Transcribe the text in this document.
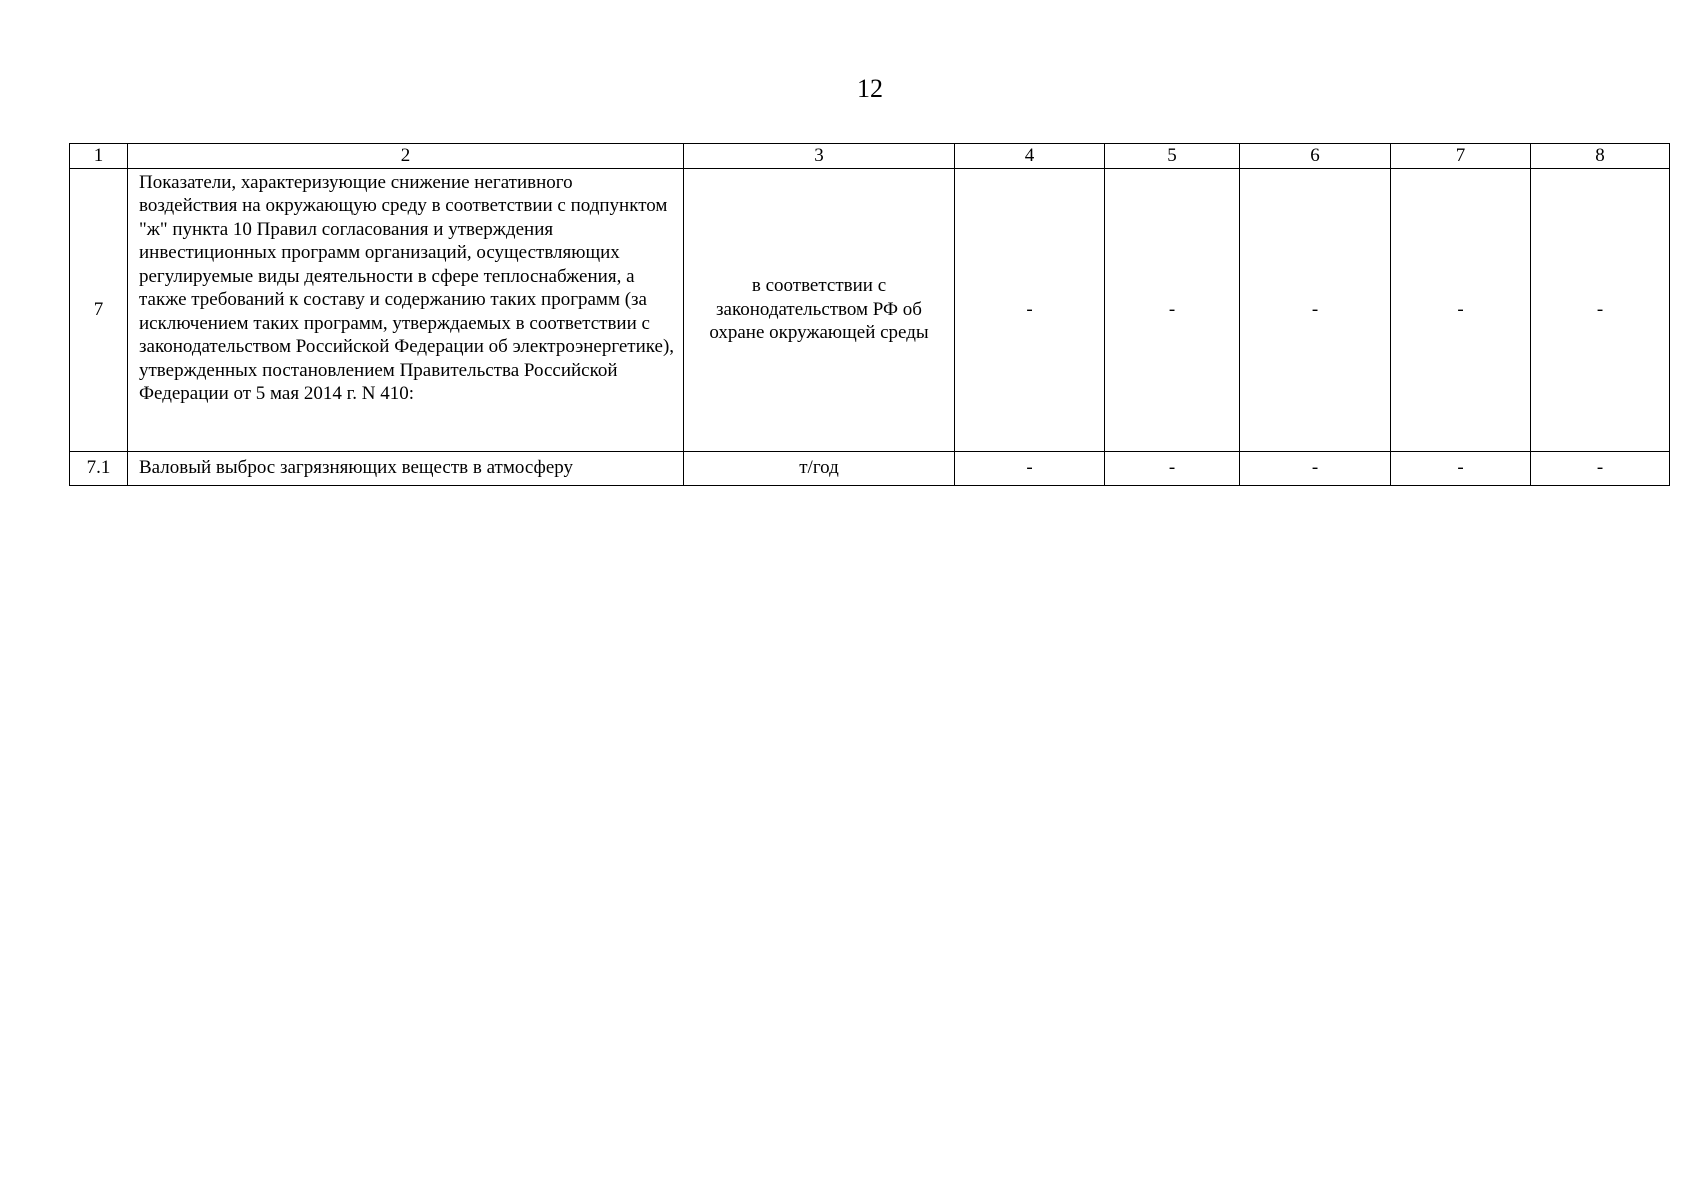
12
1	2	3	4	5	6	7	8
7	Показатели, характеризующие снижение негативного воздействия на окружающую среду в соответствии с подпунктом "ж" пункта 10 Правил согласования и утверждения инвестиционных программ организаций, осуществляющих регулируемые виды деятельности в сфере теплоснабжения, а также требований к составу и содержанию таких программ (за исключением таких программ, утверждаемых в соответствии с законодательством Российской Федерации об электроэнергетике), утвержденных постановлением Правительства Российской Федерации от 5 мая 2014 г. N 410:	в соответствии с законодательством РФ об охране окружающей среды	-	-	-	-	-
7.1	Валовый выброс загрязняющих веществ в атмосферу	т/год	-	-	-	-	-
